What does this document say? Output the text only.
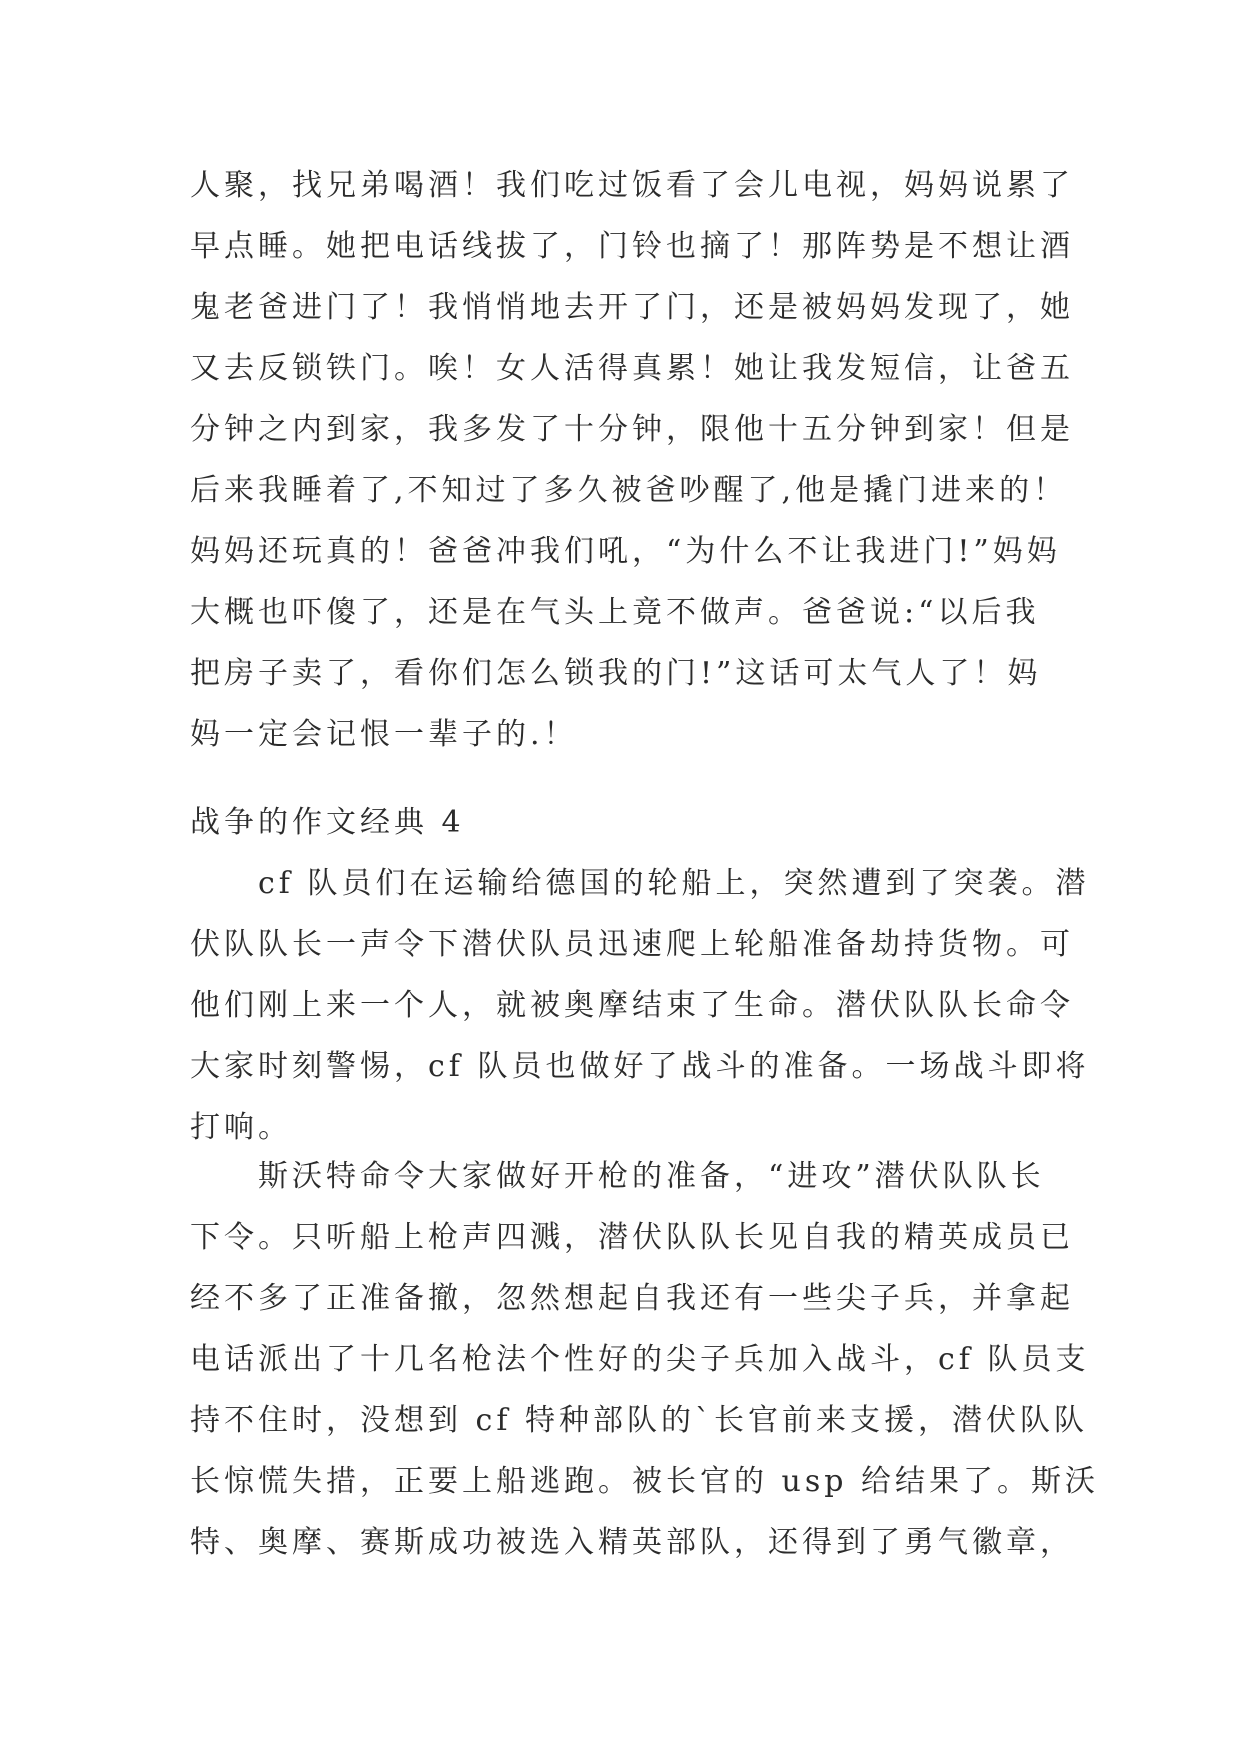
人聚，找兄弟喝酒！我们吃过饭看了会儿电视，妈妈说累了
早点睡。她把电话线拔了，门铃也摘了！那阵势是不想让酒
鬼老爸进门了！我悄悄地去开了门，还是被妈妈发现了，她
又去反锁铁门。唉！女人活得真累！她让我发短信，让爸五
分钟之内到家，我多发了十分钟，限他十五分钟到家！但是
后来我睡着了,不知过了多久被爸吵醒了,他是撬门进来的！
妈妈还玩真的！爸爸冲我们吼，“为什么不让我进门!”妈妈
大概也吓傻了，还是在气头上竟不做声。爸爸说:“以后我
把房子卖了，看你们怎么锁我的门!”这话可太气人了！妈
妈一定会记恨一辈子的.！
战争的作文经典 4
cf 队员们在运输给德国的轮船上，突然遭到了突袭。潜
伏队队长一声令下潜伏队员迅速爬上轮船准备劫持货物。可
他们刚上来一个人，就被奥摩结束了生命。潜伏队队长命令
大家时刻警惕，cf 队员也做好了战斗的准备。一场战斗即将
打响。
斯沃特命令大家做好开枪的准备，“进攻”潜伏队队长
下令。只听船上枪声四溅，潜伏队队长见自我的精英成员已
经不多了正准备撤，忽然想起自我还有一些尖子兵，并拿起
电话派出了十几名枪法个性好的尖子兵加入战斗，cf 队员支
持不住时，没想到 cf 特种部队的`长官前来支援，潜伏队队
长惊慌失措，正要上船逃跑。被长官的 usp 给结果了。斯沃
特、奥摩、赛斯成功被选入精英部队，还得到了勇气徽章，
